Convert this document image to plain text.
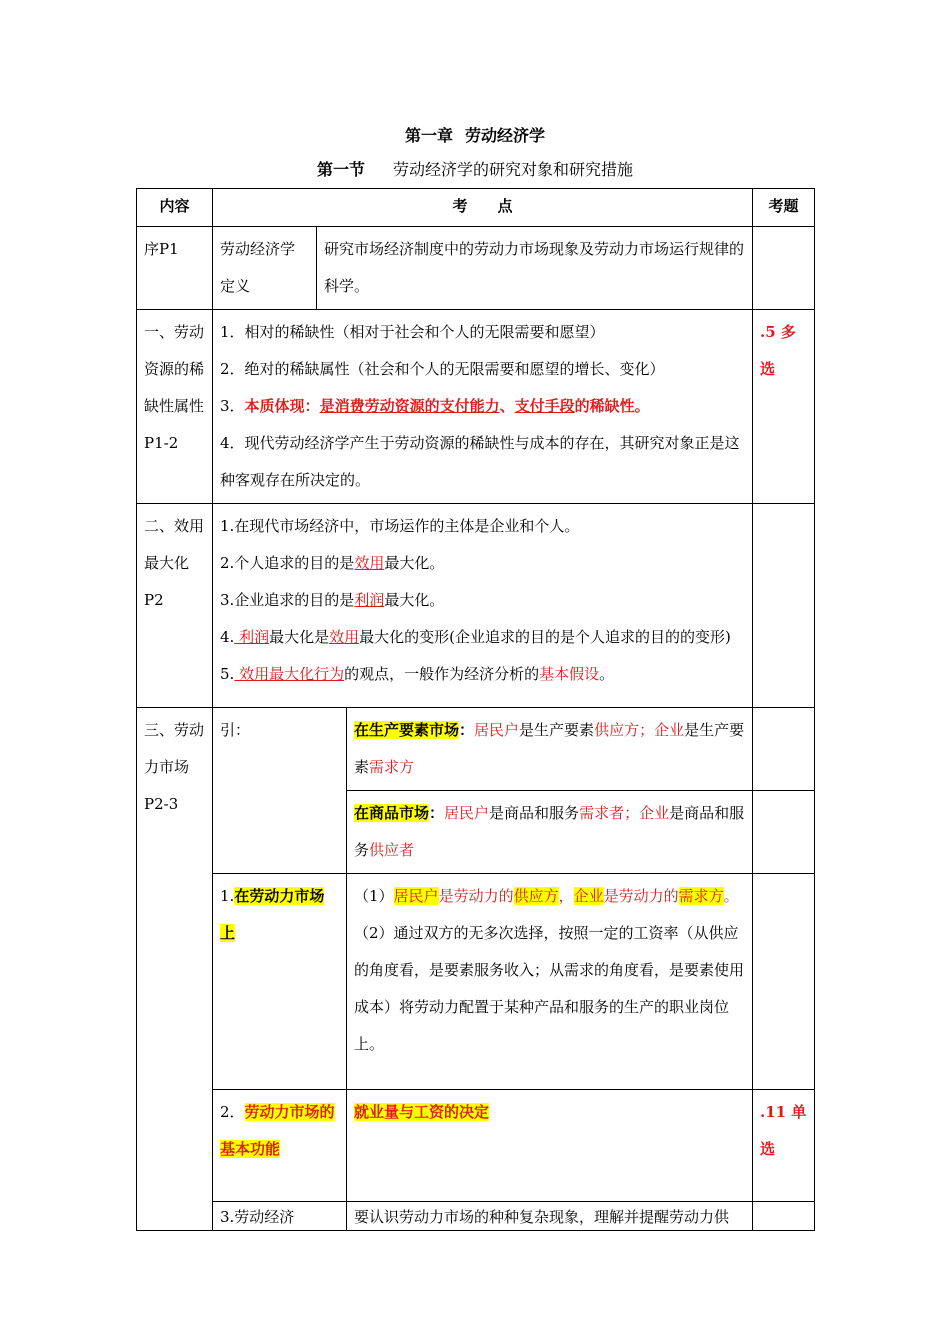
第一章 劳动经济学
第一节 劳动经济学的研究对象和研究措施
内容	考　　点			考题
序P1	劳动经济学定义	研究市场经济制度中的劳动力市场现象及劳动力市场运行规律的科学。		
一、劳动资源的稀缺性属性P1-2	1．相对的稀缺性（相对于社会和个人的无限需要和愿望）
2．绝对的稀缺属性（社会和个人的无限需要和愿望的增长、变化）
3．本质体现：是消费劳动资源的支付能力、支付手段的稀缺性。
4．现代劳动经济学产生于劳动资源的稀缺性与成本的存在，其研究对象正是这种客观存在所决定的。			.5 多选
二、效用最大化P2	1.在现代市场经济中，市场运作的主体是企业和个人。
2.个人追求的目的是效用最大化。
3.企业追求的目的是利润最大化。
4. 利润最大化是效用最大化的变形(企业追求的目的是个人追求的目的的变形)
5. 效用最大化行为的观点，一般作为经济分析的基本假设。			

三、劳动力市场P2-3	引：		在生产要素市场：居民户是生产要素供应方；企业是生产要素需求方	
			在商品市场：居民户是商品和服务需求者；企业是商品和服务供应者	
	1.在劳动力市场上		（1）居民户是劳动力的供应方，企业是劳动力的需求方。
（2）通过双方的无多次选择，按照一定的工资率（从供应的角度看，是要素服务收入；从需求的角度看，是要素使用成本）将劳动力配置于某种产品和服务的生产的职业岗位上。	

	2．劳动力市场的基本功能		就业量与工资的决定	.11 单选
	3.劳动经济		要认识劳动力市场的种种复杂现象，理解并提醒劳动力供	
